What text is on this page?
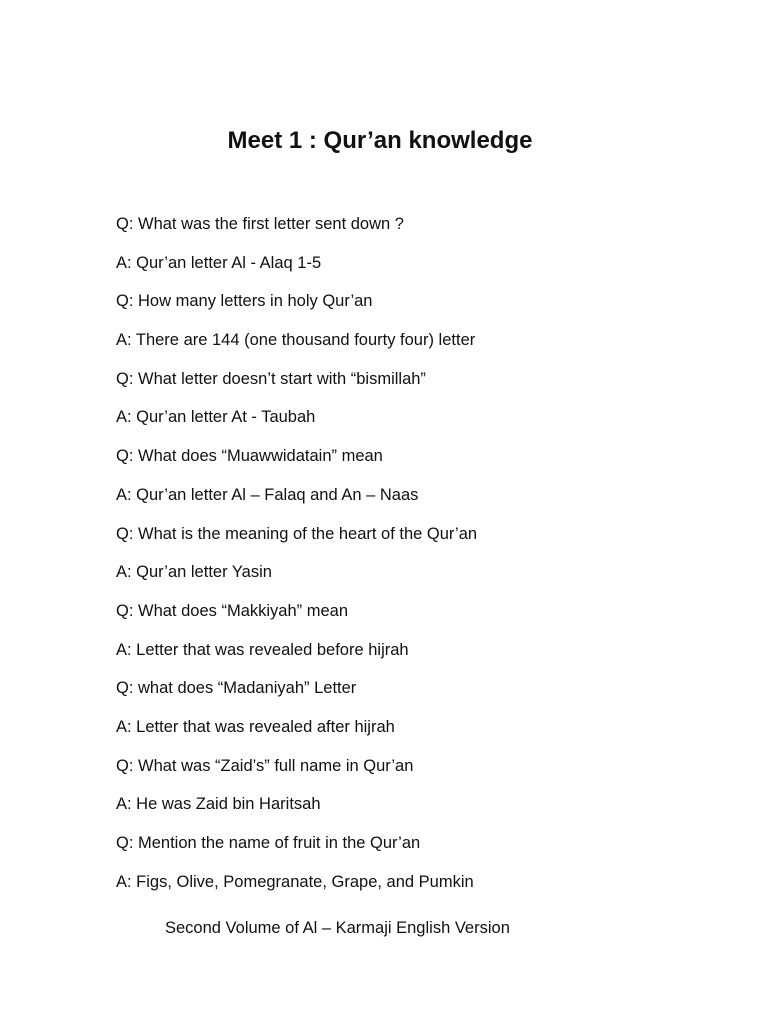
Meet 1 : Qur’an knowledge
Q: What was the first letter sent down ?
A: Qur’an letter Al - Alaq 1-5
Q: How many letters in holy Qur’an
A: There are 144 (one thousand fourty four) letter
Q: What letter doesn’t start with “bismillah”
A: Qur’an letter At - Taubah
Q: What does “Muawwidatain” mean
A: Qur’an letter Al – Falaq and An – Naas
Q: What is the meaning of the heart of the Qur’an
A: Qur’an letter Yasin
Q: What does “Makkiyah” mean
A: Letter that was revealed before hijrah
Q: what does “Madaniyah” Letter
A: Letter that was revealed after hijrah
Q: What was “Zaid’s” full name in Qur’an
A: He was Zaid bin Haritsah
Q: Mention the name of fruit in the Qur’an
A: Figs, Olive, Pomegranate, Grape, and Pumkin
Second Volume of Al – Karmaji English Version
